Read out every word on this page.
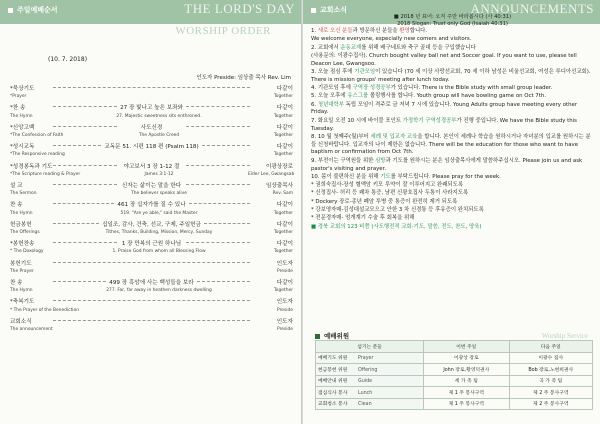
주일예배순서	THE LORD'S DAY
WORSHIP ORDER
(10. 7. 2018)
인도자 Preside: 임상출 목사 Rev. Lim
*묵상기도	다같이
*Prayer	Together
*찬 송	27 장 빛나고 높은 보좌와	다같이
The Hymn	27. Majestic sweetness sits enthroned.	Together
*신앙고백	사도신경	다같이
*The Confession of Faith	The Apostle Creed	Together
*성시교독	교독문 51. 시편 118 편 (Psalm 118)	다같이
*The Responsive reading	Together
*성경봉독과 기도	야고보서 3 장 1-12 절	이광상장로
*The Scripture reading & Prayer	James 3:1-12	Elder Lee, Gwangsab
설 교	신자는 삶이는 말을 한다	임상출목사
The Sermon	The believer speaks alive	Rev. Sam
찬 송	461 장 십자가를 질 수 있나	다같이
The Hymn	519. "Are ye able," said the Master	Together
헌금봉헌	십일조, 감사, 건축, 선교, 구제, 주일헌금	다같이
The Offerings	Tithes, Thanks, Building, Mission, Mercy, Sunday	Together
*봉헌찬송	1 장 만복의 근원 하나님	다같이
* The Doxology	1. Praise God from whom all Blessing Flow	Together
봉헌기도	인도자
The Prayer	Preside
찬 송	499 장 흑암에 사는 백성들을 보라	다같이
The Hymn	277. Far, far away in heathen darkness dwelling	Together
*축복기도	인도자
* The Prayer of the Benediction	Preside
교회소식	인도자
The announcement	Preside
교회소식	ANNOUNCEMENTS
■ 2018 년 표어: 오직 주만 바라봅시다 (사 40:31)
2018 Slogan: Trust only God (Isaiah 40:31)

1. 새로 오신 분들과 방문하신 분들을 환영합니다.

We welcome everyone, especially new comers and visitors.

2. 교회에서 운동교재를 위해 배구네트와 축구 골대 등을 구입했습니다

(사용문의: 이광수집사). Church bought valley ball net and Soccer goal. If you want to use, please tell Deacon Lee, Gwangsoo.

3. 오늘 점심 후에 기관모임이 있습니다 (70 세 이상 사랑선교회, 70 세 이하 남성은 비울선교회, 여성은 루디아선교회). There is mission groups' meeting after lunch today.

4. 기관모임 후에 구역장 성경공부가 있습니다. There is the Bible study with small group leader.

5. 오늘 오후에 유스그룹 볼링행사를 합니다. Youth group will have bowling game on Oct 7th.

6. 청년대학부 독립 모임이 격주로 금 저녁 7 시에 있습니다. Young Adults group have meeting every other Friday.

7. 화요일 오전 10 시에 바이블 포인트 가정학기 구역성경공부가 진행 중입니다. We have the Bible study this Tuesday.

8. 10 월 첫째주(월)부터 세례 및 입교자 교육을 합니다. 본인이 세례나 학습을 원하시거나 자녀분의 입교를 원하시는 분들 신청바랍니다. 입교자의 나이 제한은 없습니다. There will be the education for those who want to have baptism or confirmation from Oct 7th.

9. 부전이는 구역원들 위한 심방과 기도를 원하시는 분은 임상출목사에게 말씀하주십시오. Please join us and ask pastor's visiting and prayer.

10. 몸이 불편하신 분을 위해 기도를 부탁드립니다. Please pray for the week.

* 권희숙집사-장성 혈액암 키모 투약이 잘 이루어지고 완쾌되도록

* 신정집사- 허리 등 쾌차 통증, 남편 신광호집사 두통이 사라지도록

* Dockery 장로-종년 폐암 투병 중 통증이 완전히 제거 되도록

* 강보영자매-김성대설교모으고 안한 3 차 신경통 등 후유증이 완치되도록

* 전문경자매- 엄개계기 수술 후 회복을 위해

■ 경북 교회의 123 비쯤 (사도행전적 교회-기도, 말씀, 전도, 찬도, 양육)

예배위원	Worship Service
섬기는 분들	이번 주일	다음 주일
예배기도 위원 Prayer	이광상 장로	이광수 집사
헌금봉헌 위원 Offering	John 장로,황영덕권사	Bob 장로,노현희권사
예배안내 위원 Guide	세 가 족 팀	곡 가 족 팀
점심식사 봉사 Lunch	제 1 주 봉사구역	제 2 주 봉사구역
교회청소 봉사 Clean	제 1 주 봉사구역	제 2 주 봉사구역
